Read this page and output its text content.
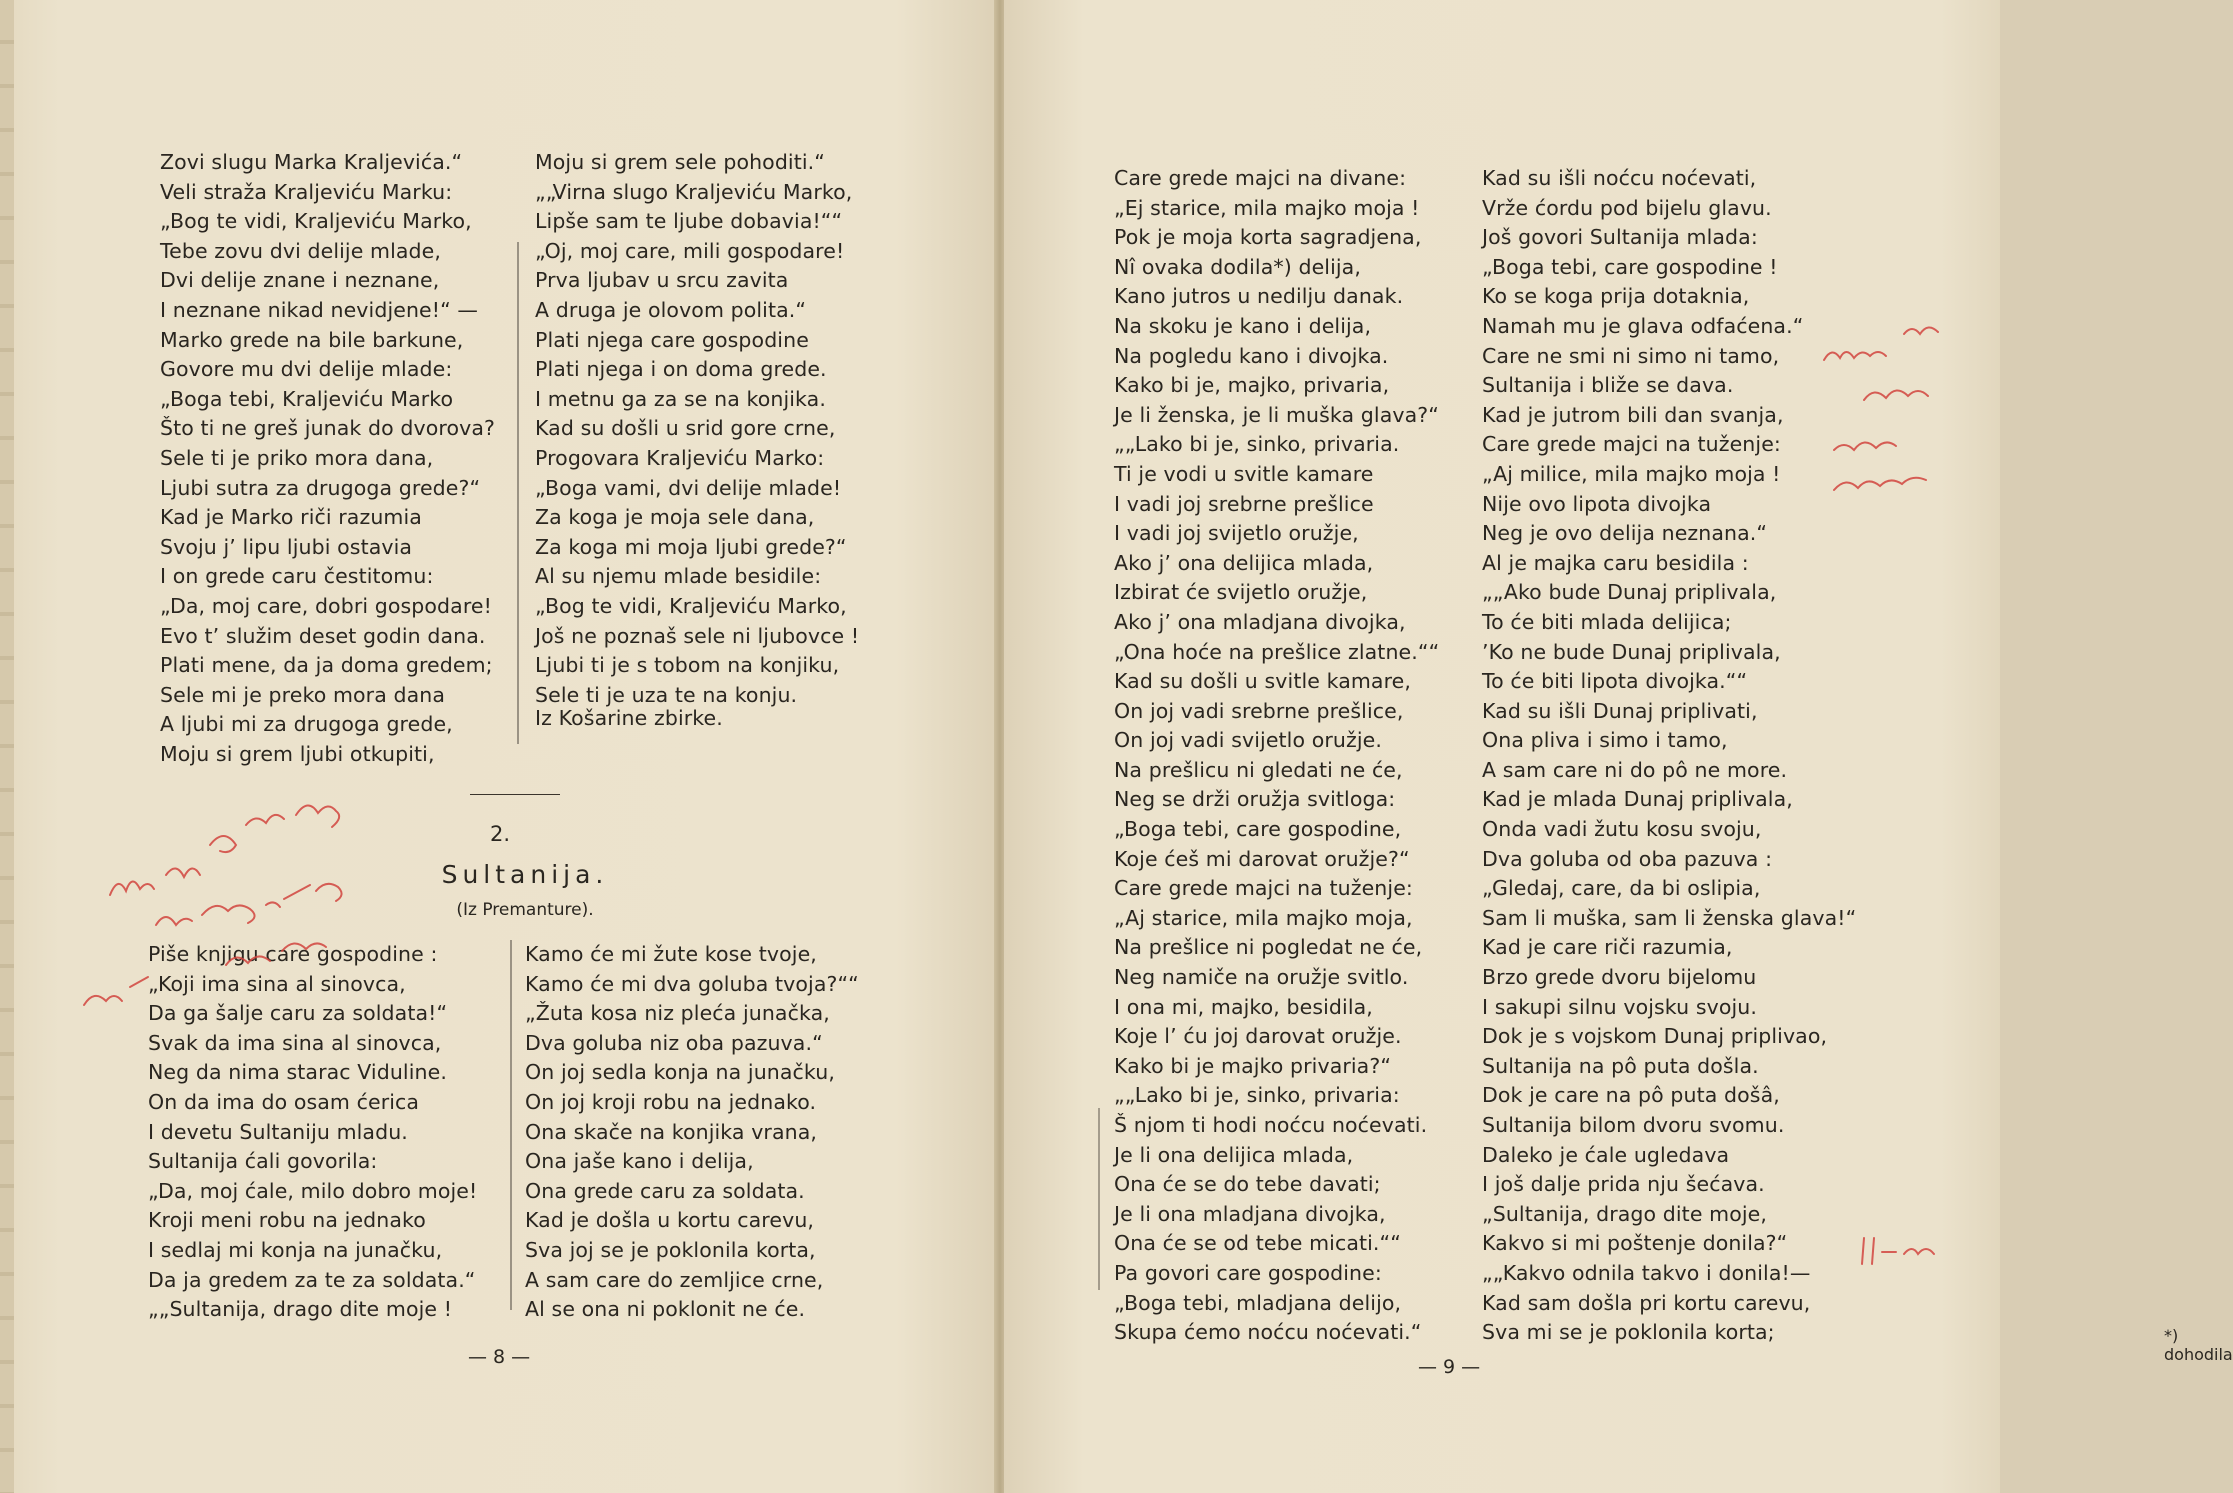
Zovi slugu Marka Kraljevića.“
Veli straža Kraljeviću Marku:
„Bog te vidi, Kraljeviću Marko,
Tebe zovu dvi delije mlade,
Dvi delije znane i neznane,
I neznane nikad nevidjene!“ —
Marko grede na bile barkune,
Govore mu dvi delije mlade:
„Boga tebi, Kraljeviću Marko
Što ti ne greš junak do dvorova?
Sele ti je priko mora dana,
Ljubi sutra za drugoga grede?“
Kad je Marko riči razumia
Svoju j’ lipu ljubi ostavia
I on grede caru čestitomu:
„Da, moj care, dobri gospodare!
Evo t’ služim deset godin dana.
Plati mene, da ja doma gredem;
Sele mi je preko mora dana
A ljubi mi za drugoga grede,
Moju si grem ljubi otkupiti,
Moju si grem sele pohoditi.“
„„Virna slugo Kraljeviću Marko,
Lipše sam te ljube dobavia!““
„Oj, moj care, mili gospodare!
Prva ljubav u srcu zavita
A druga je olovom polita.“
Plati njega care gospodine
Plati njega i on doma grede.
I metnu ga za se na konjika.
Kad su došli u srid gore crne,
Progovara Kraljeviću Marko:
„Boga vami, dvi delije mlade!
Za koga je moja sele dana,
Za koga mi moja ljubi grede?“
Al su njemu mlade besidile:
„Bog te vidi, Kraljeviću Marko,
Još ne poznaš sele ni ljubovce !
Ljubi ti je s tobom na konjiku,
Sele ti je uza te na konju.
Iz Košarine zbirke.
2.
Sultanija.
(Iz Premanture).
Piše knjigu care gospodine :
„Koji ima sina al sinovca,
Da ga šalje caru za soldata!“
Svak da ima sina al sinovca,
Neg da nima starac Viduline.
On da ima do osam ćerica
I devetu Sultaniju mladu.
Sultanija ćali govorila:
„Da, moj ćale, milo dobro moje!
Kroji meni robu na jednako
I sedlaj mi konja na junačku,
Da ja gredem za te za soldata.“
„„Sultanija, drago dite moje !
Kamo će mi žute kose tvoje,
Kamo će mi dva goluba tvoja?““
„Žuta kosa niz pleća junačka,
Dva goluba niz oba pazuva.“
On joj sedla konja na junačku,
On joj kroji robu na jednako.
Ona skače na konjika vrana,
Ona jaše kano i delija,
Ona grede caru za soldata.
Kad je došla u kortu carevu,
Sva joj se je poklonila korta,
A sam care do zemljice crne,
Al se ona ni poklonit ne će.
— 8 —
Care grede majci na divane:
„Ej starice, mila majko moja !
Pok je moja korta sagradjena,
Nî ovaka dodila*) delija,
Kano jutros u nedilju danak.
Na skoku je kano i delija,
Na pogledu kano i divojka.
Kako bi je, majko, privaria,
Je li ženska, je li muška glava?“
„„Lako bi je, sinko, privaria.
Ti je vodi u svitle kamare
I vadi joj srebrne prešlice
I vadi joj svijetlo oružje,
Ako j’ ona delijica mlada,
Izbirat će svijetlo oružje,
Ako j’ ona mladjana divojka,
„Ona hoće na prešlice zlatne.““
Kad su došli u svitle kamare,
On joj vadi srebrne prešlice,
On joj vadi svijetlo oružje.
Na prešlicu ni gledati ne će,
Neg se drži oružja svitloga:
„Boga tebi, care gospodine,
Koje ćeš mi darovat oružje?“
Care grede majci na tuženje:
„Aj starice, mila majko moja,
Na prešlice ni pogledat ne će,
Neg namiče na oružje svitlo.
I ona mi, majko, besidila,
Koje l’ ću joj darovat oružje.
Kako bi je majko privaria?“
„„Lako bi je, sinko, privaria:
Š njom ti hodi noćcu noćevati.
Je li ona delijica mlada,
Ona će se do tebe davati;
Je li ona mladjana divojka,
Ona će se od tebe micati.““
Pa govori care gospodine:
„Boga tebi, mladjana delijo,
Skupa ćemo noćcu noćevati.“
Kad su išli noćcu noćevati,
Vrže ćordu pod bijelu glavu.
Još govori Sultanija mlada:
„Boga tebi, care gospodine !
Ko se koga prija dotaknia,
Namah mu je glava odfaćena.“
Care ne smi ni simo ni tamo,
Sultanija i bliže se dava.
Kad je jutrom bili dan svanja,
Care grede majci na tuženje:
„Aj milice, mila majko moja !
Nije ovo lipota divojka
Neg je ovo delija neznana.“
Al je majka caru besidila :
„„Ako bude Dunaj priplivala,
To će biti mlada delijica;
’Ko ne bude Dunaj priplivala,
To će biti lipota divojka.““
Kad su išli Dunaj priplivati,
Ona pliva i simo i tamo,
A sam care ni do pô ne more.
Kad je mlada Dunaj priplivala,
Onda vadi žutu kosu svoju,
Dva goluba od oba pazuva :
„Gledaj, care, da bi oslipia,
Sam li muška, sam li ženska glava!“
Kad je care riči razumia,
Brzo grede dvoru bijelomu
I sakupi silnu vojsku svoju.
Dok je s vojskom Dunaj priplivao,
Sultanija na pô puta došla.
Dok je care na pô puta došâ,
Sultanija bilom dvoru svomu.
Daleko je ćale ugledava
I još dalje prida nju šećava.
„Sultanija, drago dite moje,
Kakvo si mi poštenje donila?“
„„Kakvo odnila takvo i donila!—
Kad sam došla pri kortu carevu,
Sva mi se je poklonila korta;	*) dohodila
— 9 —
